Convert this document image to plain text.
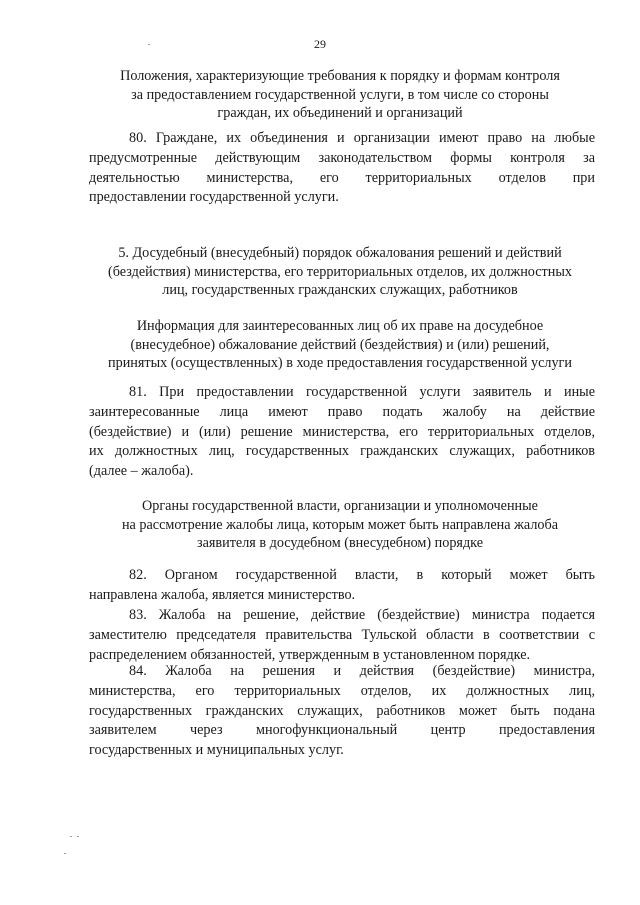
29
Положения, характеризующие требования к порядку и формам контроля
за предоставлением государственной услуги, в том числе со стороны
граждан, их объединений и организаций
80. Граждане, их объединения и организации имеют право на любые
предусмотренные действующим законодательством формы контроля за
деятельностью министерства, его территориальных отделов при
предоставлении государственной услуги.
5. Досудебный (внесудебный) порядок обжалования решений и действий
(бездействия) министерства, его территориальных отделов, их должностных
лиц, государственных гражданских служащих, работников
Информация для заинтересованных лиц об их праве на досудебное
(внесудебное) обжалование действий (бездействия) и (или) решений,
принятых (осуществленных) в ходе предоставления государственной услуги
81. При предоставлении государственной услуги заявитель и иные
заинтересованные лица имеют право подать жалобу на действие
(бездействие) и (или) решение министерства, его территориальных отделов,
их должностных лиц, государственных гражданских служащих, работников
(далее – жалоба).
Органы государственной власти, организации и уполномоченные
на рассмотрение жалобы лица, которым может быть направлена жалоба
заявителя в досудебном (внесудебном) порядке
82. Органом государственной власти, в который может быть
направлена жалоба, является министерство.
83. Жалоба на решение, действие (бездействие) министра подается
заместителю председателя правительства Тульской области в соответствии с
распределением обязанностей, утвержденным в установленном порядке.
84. Жалоба на решения и действия (бездействие) министра,
министерства, его территориальных отделов, их должностных лиц,
государственных гражданских служащих, работников может быть подана
заявителем через многофункциональный центр предоставления
государственных и муниципальных услуг.
